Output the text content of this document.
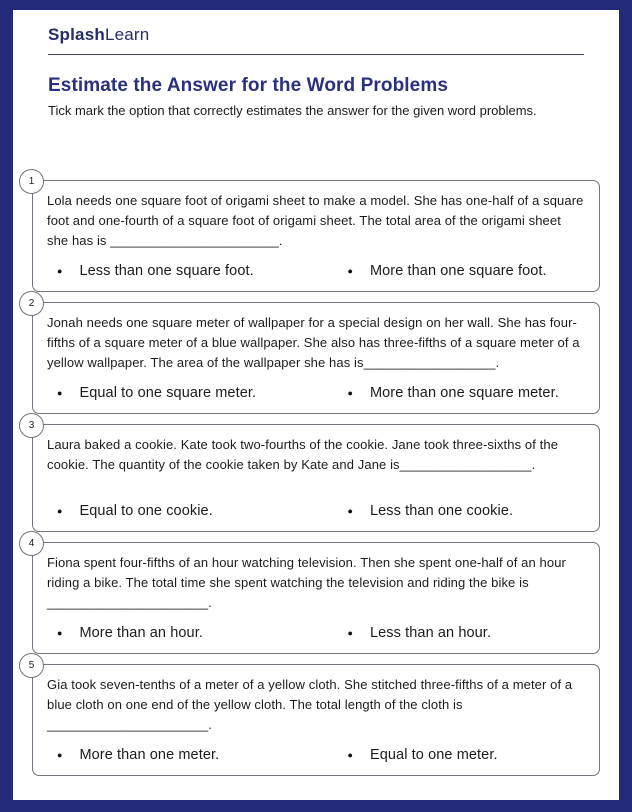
SplashLearn
Estimate the Answer for the Word Problems

Tick mark the option that correctly estimates the answer for the given word problems.

1

Lola needs one square foot of origami sheet to make a model. She has one-half of a square foot and one-fourth of a square foot of origami sheet. The total area of the origami sheet she has is _______________________.

● Less than one square foot.	● More than one square foot.
2

Jonah needs one square meter of wallpaper for a special design on her wall. She has four-fifths of a square meter of a blue wallpaper. She also has three-fifths of a square meter of a yellow wallpaper. The area of the wallpaper she has is__________________.

● Equal to one square meter.	● More than one square meter.
3

Laura baked a cookie. Kate took two-fourths of the cookie. Jane took three-sixths of the cookie. The quantity of the cookie taken by Kate and Jane is__________________.

● Equal to one cookie.	● Less than one cookie.
4

Fiona spent four-fifths of an hour watching television. Then she spent one-half of an hour riding a bike. The total time she spent watching the television and riding the bike is
______________________.

● More than an hour.	● Less than an hour.
5

Gia took seven-tenths of a meter of a yellow cloth. She stitched three-fifths of a meter of a blue cloth on one end of the yellow cloth. The total length of the cloth is
______________________.

● More than one meter.	● Equal to one meter.
